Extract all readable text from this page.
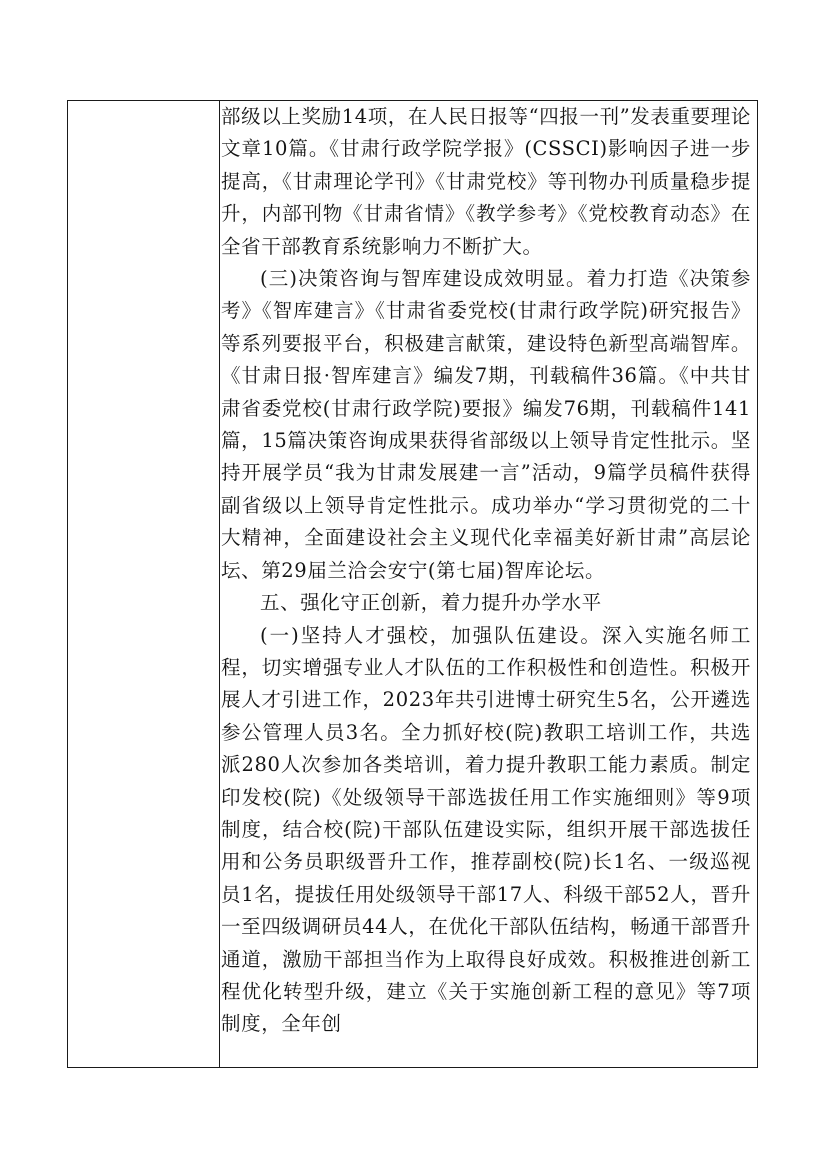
部级以上奖励14项，在人民日报等“四报一刊”发表重要理论文章10篇。《甘肃行政学院学报》(CSSCI)影响因子进一步提高，《甘肃理论学刊》《甘肃党校》等刊物办刊质量稳步提升，内部刊物《甘肃省情》《教学参考》《党校教育动态》在全省干部教育系统影响力不断扩大。
(三)决策咨询与智库建设成效明显。着力打造《决策参考》《智库建言》《甘肃省委党校(甘肃行政学院)研究报告》等系列要报平台，积极建言献策，建设特色新型高端智库。《甘肃日报·智库建言》编发7期，刊载稿件36篇。《中共甘肃省委党校(甘肃行政学院)要报》编发76期，刊载稿件141篇，15篇决策咨询成果获得省部级以上领导肯定性批示。坚持开展学员“我为甘肃发展建一言”活动，9篇学员稿件获得副省级以上领导肯定性批示。成功举办“学习贯彻党的二十大精神，全面建设社会主义现代化幸福美好新甘肃”高层论坛、第29届兰洽会安宁(第七届)智库论坛。
五、强化守正创新，着力提升办学水平
(一)坚持人才强校，加强队伍建设。深入实施名师工程，切实增强专业人才队伍的工作积极性和创造性。积极开展人才引进工作，2023年共引进博士研究生5名，公开遴选参公管理人员3名。全力抓好校(院)教职工培训工作，共选派280人次参加各类培训，着力提升教职工能力素质。制定印发校(院)《处级领导干部选拔任用工作实施细则》等9项制度，结合校(院)干部队伍建设实际，组织开展干部选拔任用和公务员职级晋升工作，推荐副校(院)长1名、一级巡视员1名，提拔任用处级领导干部17人、科级干部52人，晋升一至四级调研员44人，在优化干部队伍结构，畅通干部晋升通道，激励干部担当作为上取得良好成效。积极推进创新工程优化转型升级，建立《关于实施创新工程的意见》等7项制度，全年创
